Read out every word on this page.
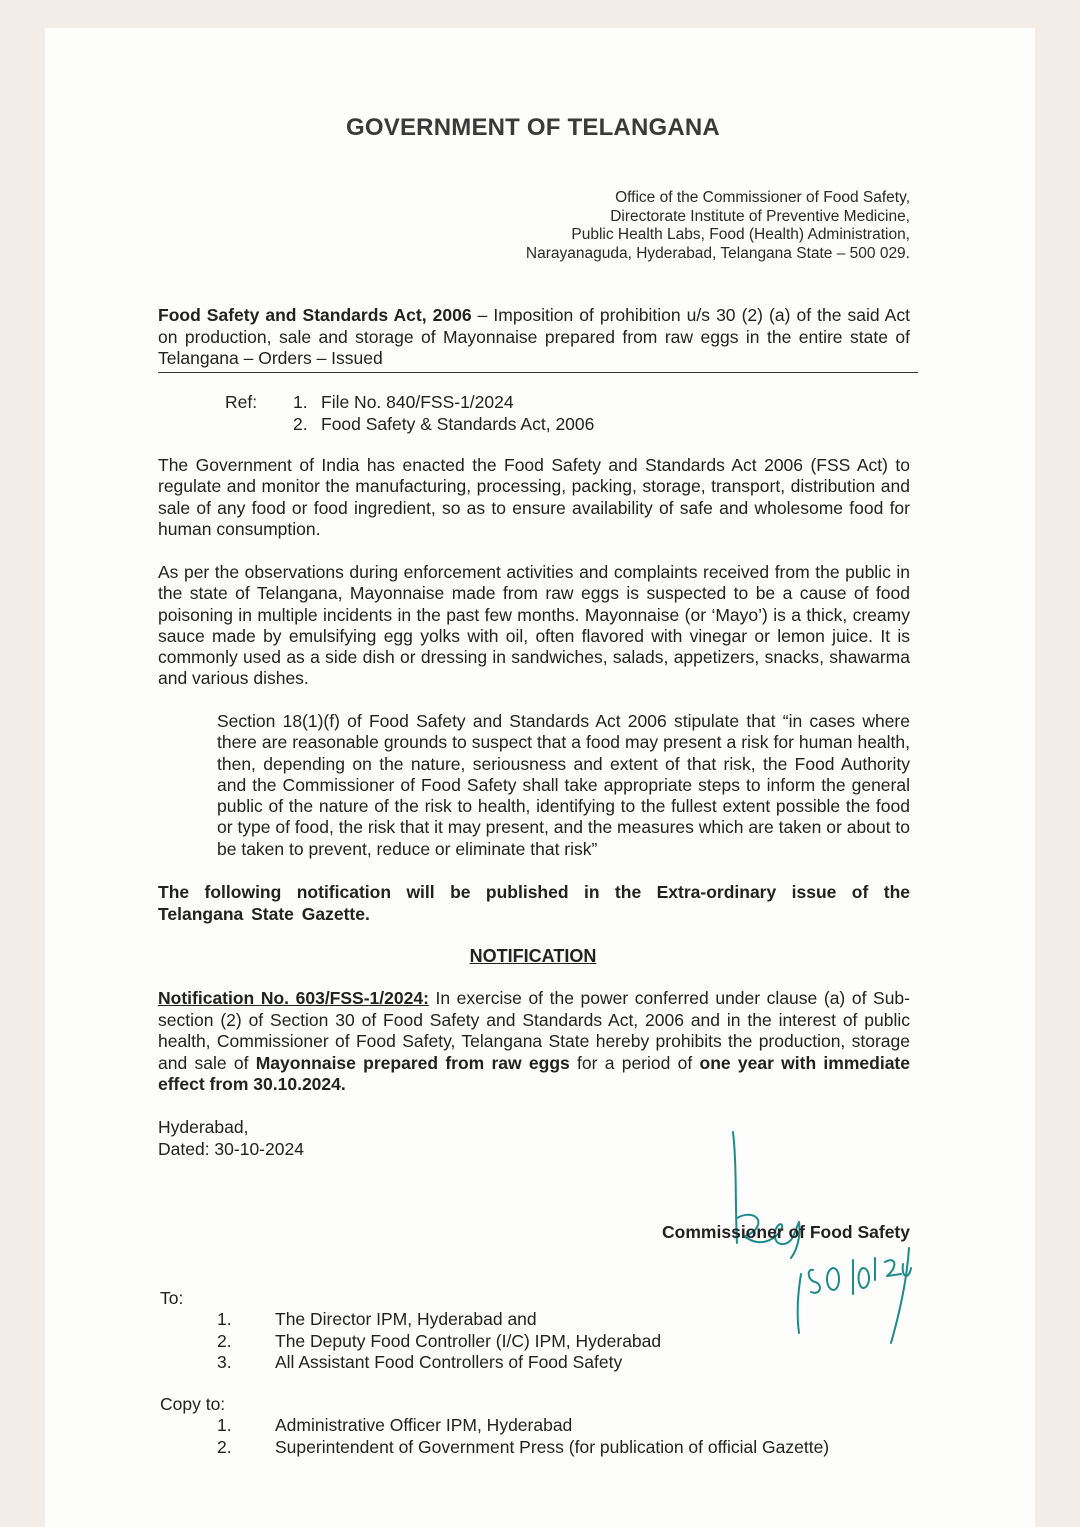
GOVERNMENT OF TELANGANA
Office of the Commissioner of Food Safety,
Directorate Institute of Preventive Medicine,
Public Health Labs, Food (Health) Administration,
Narayanaguda, Hyderabad, Telangana State – 500 029.
Food Safety and Standards Act, 2006 – Imposition of prohibition u/s 30 (2) (a) of the said Act on production, sale and storage of Mayonnaise prepared from raw eggs in the entire state of Telangana – Orders – Issued
Ref: 1. File No. 840/FSS-1/2024
2. Food Safety & Standards Act, 2006
The Government of India has enacted the Food Safety and Standards Act 2006 (FSS Act) to regulate and monitor the manufacturing, processing, packing, storage, transport, distribution and sale of any food or food ingredient, so as to ensure availability of safe and wholesome food for human consumption.
As per the observations during enforcement activities and complaints received from the public in the state of Telangana, Mayonnaise made from raw eggs is suspected to be a cause of food poisoning in multiple incidents in the past few months. Mayonnaise (or ‘Mayo’) is a thick, creamy sauce made by emulsifying egg yolks with oil, often flavored with vinegar or lemon juice. It is commonly used as a side dish or dressing in sandwiches, salads, appetizers, snacks, shawarma and various dishes.
Section 18(1)(f) of Food Safety and Standards Act 2006 stipulate that “in cases where there are reasonable grounds to suspect that a food may present a risk for human health, then, depending on the nature, seriousness and extent of that risk, the Food Authority and the Commissioner of Food Safety shall take appropriate steps to inform the general public of the nature of the risk to health, identifying to the fullest extent possible the food or type of food, the risk that it may present, and the measures which are taken or about to be taken to prevent, reduce or eliminate that risk”
The following notification will be published in the Extra-ordinary issue of the Telangana State Gazette.
NOTIFICATION
Notification No. 603/FSS-1/2024: In exercise of the power conferred under clause (a) of Sub-section (2) of Section 30 of Food Safety and Standards Act, 2006 and in the interest of public health, Commissioner of Food Safety, Telangana State hereby prohibits the production, storage and sale of Mayonnaise prepared from raw eggs for a period of one year with immediate effect from 30.10.2024.
Hyderabad,
Dated: 30-10-2024
30/10/24
Commissioner of Food Safety
To:
1.	The Director IPM, Hyderabad and
2.	The Deputy Food Controller (I/C) IPM, Hyderabad
3.	All Assistant Food Controllers of Food Safety
Copy to:
1.	Administrative Officer IPM, Hyderabad
2.	Superintendent of Government Press (for publication of official Gazette)
